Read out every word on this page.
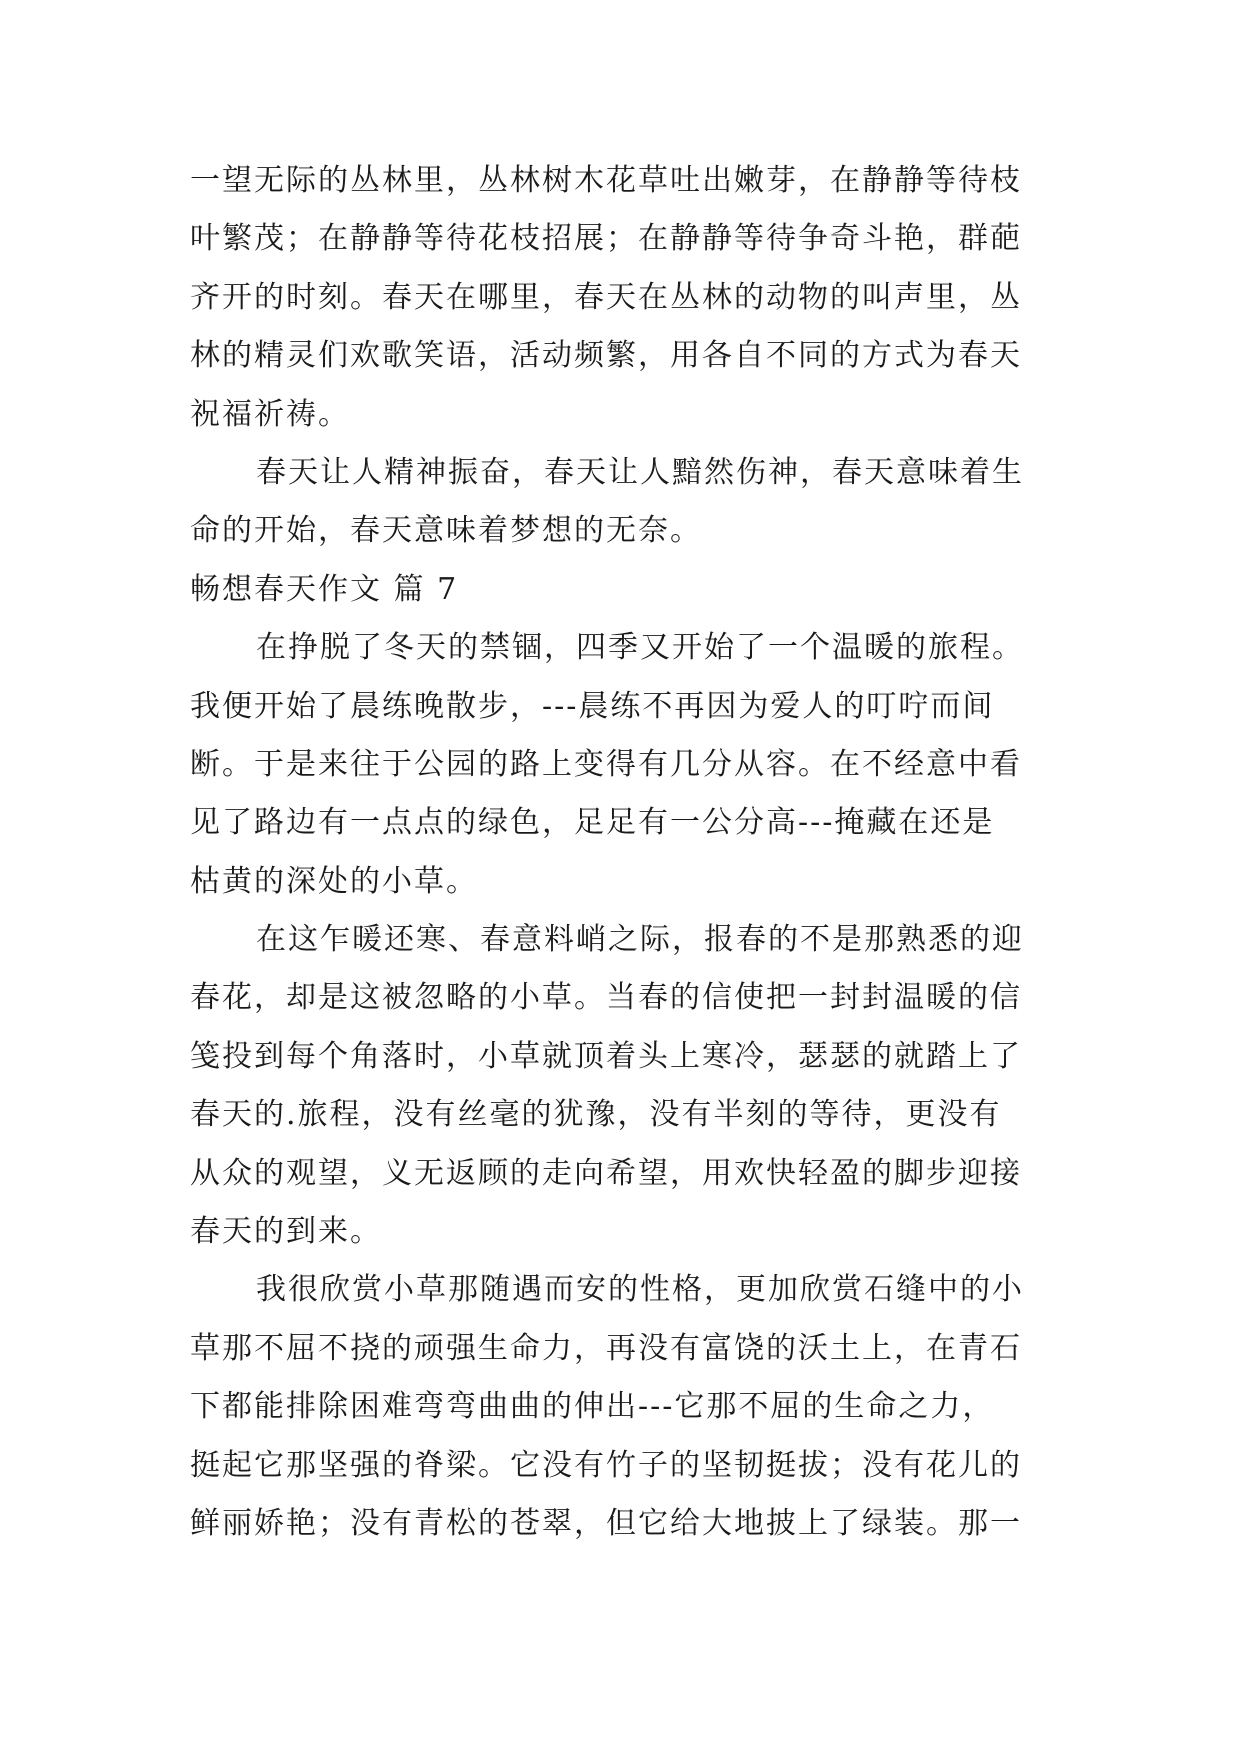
一望无际的丛林里，丛林树木花草吐出嫩芽，在静静等待枝
叶繁茂；在静静等待花枝招展；在静静等待争奇斗艳，群葩
齐开的时刻。春天在哪里，春天在丛林的动物的叫声里，丛
林的精灵们欢歌笑语，活动频繁，用各自不同的方式为春天
祝福祈祷。
春天让人精神振奋，春天让人黯然伤神，春天意味着生
命的开始，春天意味着梦想的无奈。
畅想春天作文 篇 7
在挣脱了冬天的禁锢，四季又开始了一个温暖的旅程。
我便开始了晨练晚散步，---晨练不再因为爱人的叮咛而间
断。于是来往于公园的路上变得有几分从容。在不经意中看
见了路边有一点点的绿色，足足有一公分高---掩藏在还是
枯黄的深处的小草。
在这乍暖还寒、春意料峭之际，报春的不是那熟悉的迎
春花，却是这被忽略的小草。当春的信使把一封封温暖的信
笺投到每个角落时，小草就顶着头上寒冷，瑟瑟的就踏上了
春天的.旅程，没有丝毫的犹豫，没有半刻的等待，更没有
从众的观望，义无返顾的走向希望，用欢快轻盈的脚步迎接
春天的到来。
我很欣赏小草那随遇而安的性格，更加欣赏石缝中的小
草那不屈不挠的顽强生命力，再没有富饶的沃土上，在青石
下都能排除困难弯弯曲曲的伸出---它那不屈的生命之力，
挺起它那坚强的脊梁。它没有竹子的坚韧挺拔；没有花儿的
鲜丽娇艳；没有青松的苍翠，但它给大地披上了绿装。那一
